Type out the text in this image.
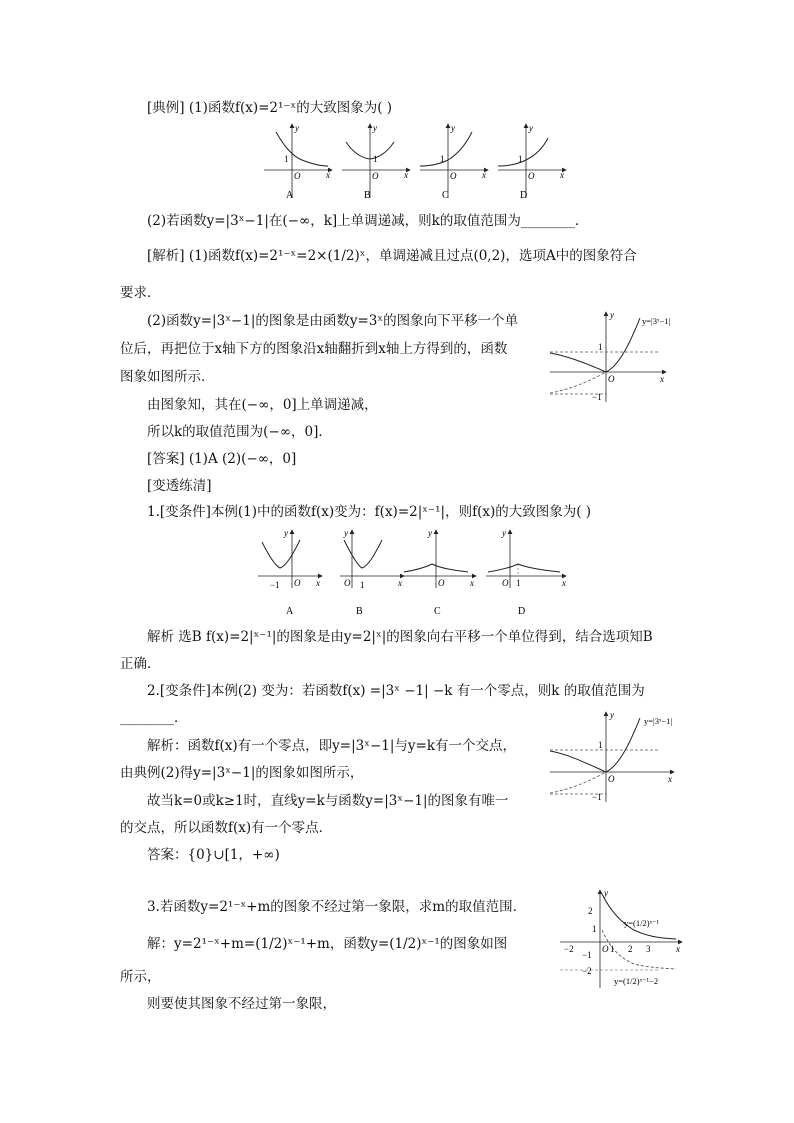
[典例] (1)函数f(x)=2¹⁻ˣ的大致图象为( )
1
O	x
y
A
1
O	x
y
B
1
O	x
y
C
1
O	x
y
D
(2)若函数y=|3ˣ−1|在(−∞，k]上单调递减，则k的取值范围为________．
[解析] (1)函数f(x)=2¹⁻ˣ=2×(1/2)ˣ，单调递减且过点(0,2)，选项A中的图象符合
要求．
(2)函数y=|3ˣ−1|的图象是由函数y=3ˣ的图象向下平移一个单
位后，再把位于x轴下方的图象沿x轴翻折到x轴上方得到的，函数
图象如图所示．
1
O
−1
x
y
y=|3ˣ−1|
由图象知，其在(−∞，0]上单调递减，
所以k的取值范围为(−∞，0]．
[答案] (1)A (2)(−∞，0]
[变透练清]
1.[变条件]本例(1)中的函数f(x)变为：f(x)=2|ˣ⁻¹|，则f(x)的大致图象为( )
−1 O x
y
A
O 1	x
y
B
O	x
y
C
O 1	x
y
D
解析 选B f(x)=2|ˣ⁻¹|的图象是由y=2|ˣ|的图象向右平移一个单位得到，结合选项知B
正确．
2.[变条件]本例(2) 变为：若函数f(x) =|3ˣ −1| −k 有一个零点，则k 的取值范围为
________．
解析：函数f(x)有一个零点，即y=|3ˣ−1|与y=k有一个交点，
由典例(2)得y=|3ˣ−1|的图象如图所示，
1
O
−1
x
y
y=|3ˣ−1|
故当k=0或k≥1时，直线y=k与函数y=|3ˣ−1|的图象有唯一
的交点，所以函数f(x)有一个零点．
答案：{0}∪[1，+∞)
3.若函数y=2¹⁻ˣ+m的图象不经过第一象限，求m的取值范围．
解：y=2¹⁻ˣ+m=(1/2)ˣ⁻¹+m，函数y=(1/2)ˣ⁻¹的图象如图
所示，
则要使其图象不经过第一象限，
2
1
O
−1
−2
−2	1 2 3	x
y
y=(1/2)ˣ⁻¹
y=(1/2)ˣ⁻¹−2
